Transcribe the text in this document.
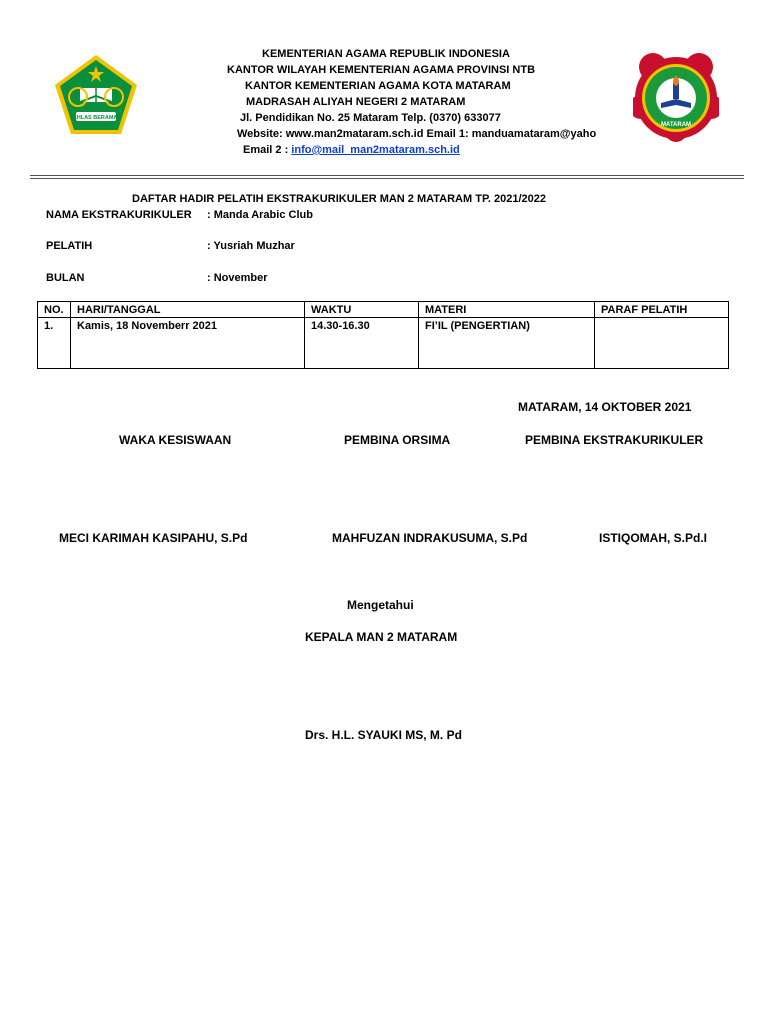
IKHLAS BERAMAL
MATARAM
KEMENTERIAN AGAMA REPUBLIK INDONESIA
KANTOR WILAYAH KEMENTERIAN AGAMA PROVINSI NTB
KANTOR KEMENTERIAN AGAMA KOTA MATARAM
MADRASAH ALIYAH NEGERI 2 MATARAM
Jl. Pendidikan No. 25 Mataram Telp. (0370) 633077
Website: www.man2mataram.sch.id Email 1: manduamataram@yaho
Email 2 : info@mail_man2mataram.sch.id
DAFTAR HADIR PELATIH EKSTRAKURIKULER MAN 2 MATARAM TP. 2021/2022
NAMA EKSTRAKURIKULER : Manda Arabic Club
PELATIH	: Yusriah Muzhar
BULAN	: November
NO.	HARI/TANGGAL	WAKTU	MATERI	PARAF PELATIH
1.	Kamis, 18 Novemberr 2021	14.30-16.30	FI’IL (PENGERTIAN)	
MATARAM, 14 OKTOBER 2021
WAKA KESISWAAN	PEMBINA ORSIMA	PEMBINA EKSTRAKURIKULER
MECI KARIMAH KASIPAHU, S.Pd	MAHFUZAN INDRAKUSUMA, S.Pd	ISTIQOMAH, S.Pd.I
Mengetahui
KEPALA MAN 2 MATARAM
Drs. H.L. SYAUKI MS, M. Pd
